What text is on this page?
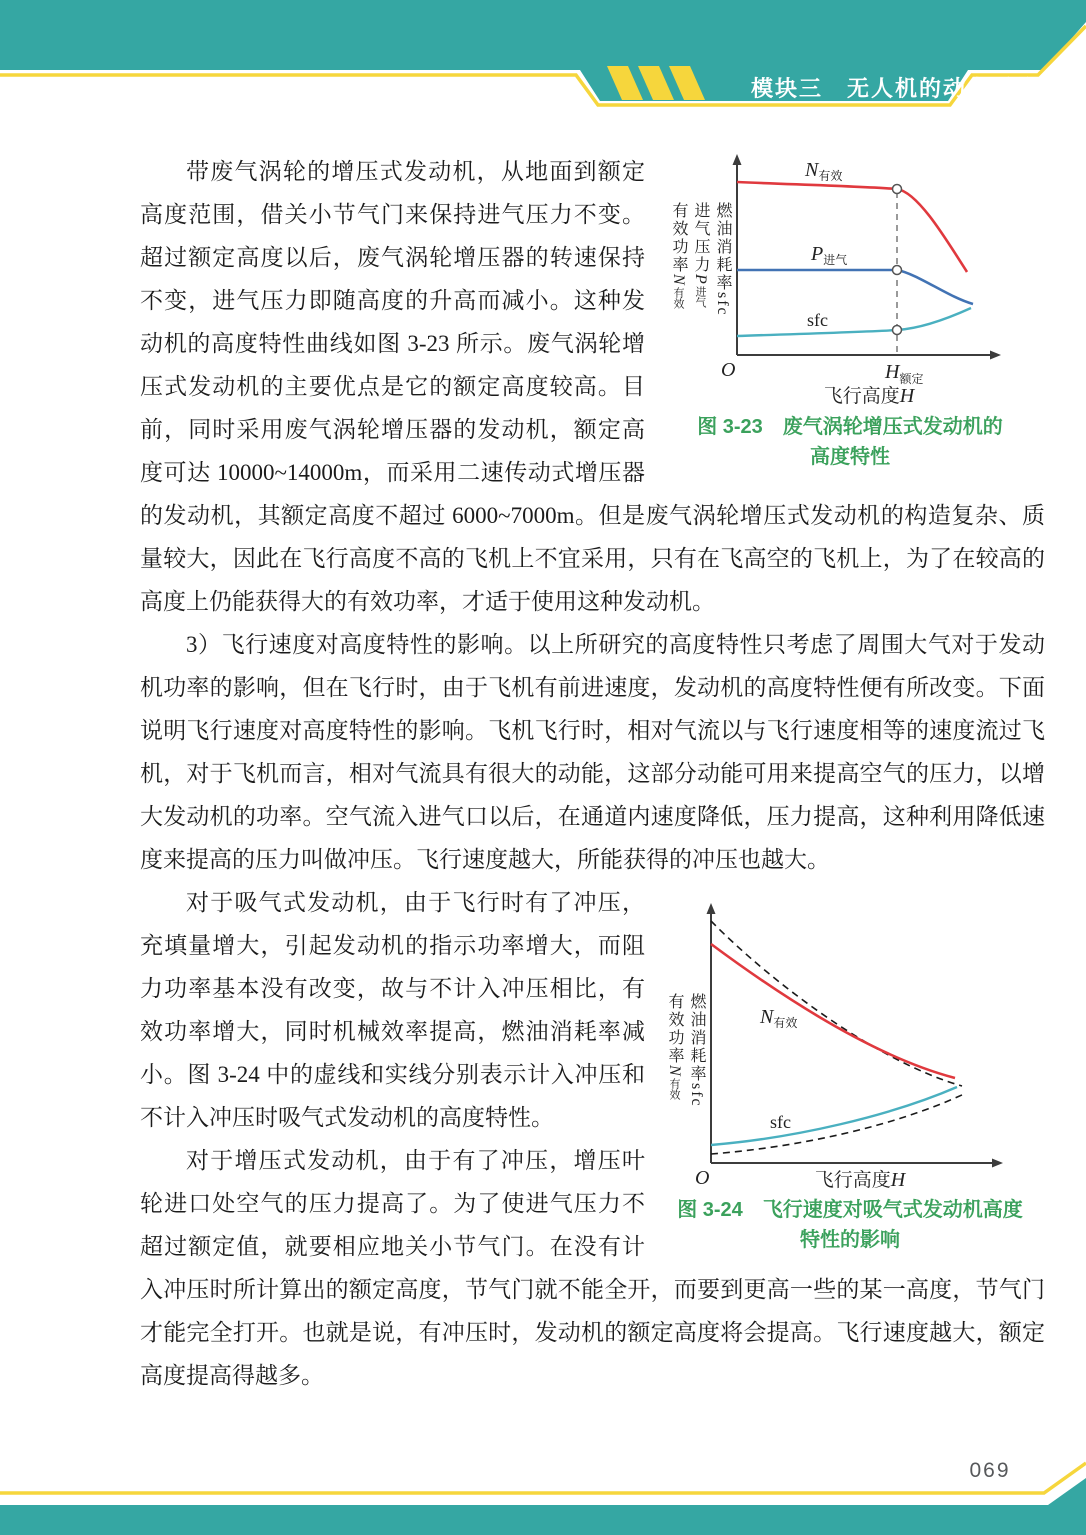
模块三　无人机的动力系统
N有效
P进气
sfc
O	$H_{额定}$
飞行高度H
燃油消耗率sfc
进气压力P进气
有效功率N有效
图 3-23　废气涡轮增压式发动机的
高度特性

带废气涡轮的增压式发动机，从地面到额定高度范围，借关小节气门来保持进气压力不变。超过额定高度以后，废气涡轮增压器的转速保持不变，进气压力即随高度的升高而减小。这种发动机的高度特性曲线如图 3-23 所示。废气涡轮增压式发动机的主要优点是它的额定高度较高。目前，同时采用废气涡轮增压器的发动机，额定高度可达 10000~14000m，而采用二速传动式增压器的发动机，其额定高度不超过 6000~7000m。但是废气涡轮增压式发动机的构造复杂、质量较大，因此在飞行高度不高的飞机上不宜采用，只有在飞高空的飞机上，为了在较高的高度上仍能获得大的有效功率，才适于使用这种发动机。

3）飞行速度对高度特性的影响。以上所研究的高度特性只考虑了周围大气对于发动机功率的影响，但在飞行时，由于飞机有前进速度，发动机的高度特性便有所改变。下面说明飞行速度对高度特性的影响。飞机飞行时，相对气流以与飞行速度相等的速度流过飞机，对于飞机而言，相对气流具有很大的动能，这部分动能可用来提高空气的压力，以增大发动机的功率。空气流入进气口以后，在通道内速度降低，压力提高，这种利用降低速度来提高的压力叫做冲压。飞行速度越大，所能获得的冲压也越大。

N有效
sfc
O	飞行高度H
燃油消耗率sfc
有效功率N有效
图 3-24　飞行速度对吸气式发动机高度
特性的影响

对于吸气式发动机，由于飞行时有了冲压，充填量增大，引起发动机的指示功率增大，而阻力功率基本没有改变，故与不计入冲压相比，有效功率增大，同时机械效率提高，燃油消耗率减小。图 3-24 中的虚线和实线分别表示计入冲压和不计入冲压时吸气式发动机的高度特性。

对于增压式发动机，由于有了冲压，增压叶轮进口处空气的压力提高了。为了使进气压力不超过额定值，就要相应地关小节气门。在没有计入冲压时所计算出的额定高度，节气门就不能全开，而要到更高一些的某一高度，节气门才能完全打开。也就是说，有冲压时，发动机的额定高度将会提高。飞行速度越大，额定高度提高得越多。

069
